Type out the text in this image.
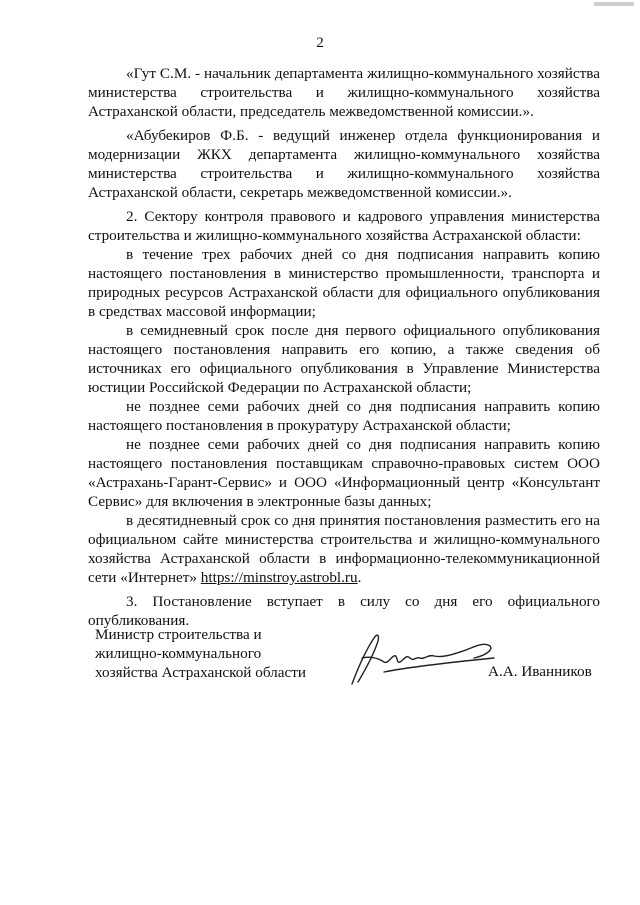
2

«Гут С.М. - начальник департамента жилищно-коммунального хозяйства министерства строительства и жилищно-коммунального хозяйства Астраханской области, председатель межведомственной комиссии.».

«Абубекиров Ф.Б. - ведущий инженер отдела функционирования и модернизации ЖКХ департамента жилищно-коммунального хозяйства министерства строительства и жилищно-коммунального хозяйства Астраханской области, секретарь межведомственной комиссии.».

2. Сектору контроля правового и кадрового управления министерства строительства и жилищно-коммунального хозяйства Астраханской области:

в течение трех рабочих дней со дня подписания направить копию настоящего постановления в министерство промышленности, транспорта и природных ресурсов Астраханской области для официального опубликования в средствах массовой информации;

в семидневный срок после дня первого официального опубликования настоящего постановления направить его копию, а также сведения об источниках его официального опубликования в Управление Министерства юстиции Российской Федерации по Астраханской области;

не позднее семи рабочих дней со дня подписания направить копию настоящего постановления в прокуратуру Астраханской области;

не позднее семи рабочих дней со дня подписания направить копию настоящего постановления поставщикам справочно-правовых систем ООО «Астрахань-Гарант-Сервис» и ООО «Информационный центр «Консультант Сервис» для включения в электронные базы данных;

в десятидневный срок со дня принятия постановления разместить его на официальном сайте министерства строительства и жилищно-коммунального хозяйства Астраханской области в информационно-телекоммуникационной сети «Интернет» https://minstroy.astrobl.ru.

3. Постановление вступает в силу со дня его официального опубликования.

Министр строительства и
жилищно-коммунального
хозяйства Астраханской области	А.А. Иванников
